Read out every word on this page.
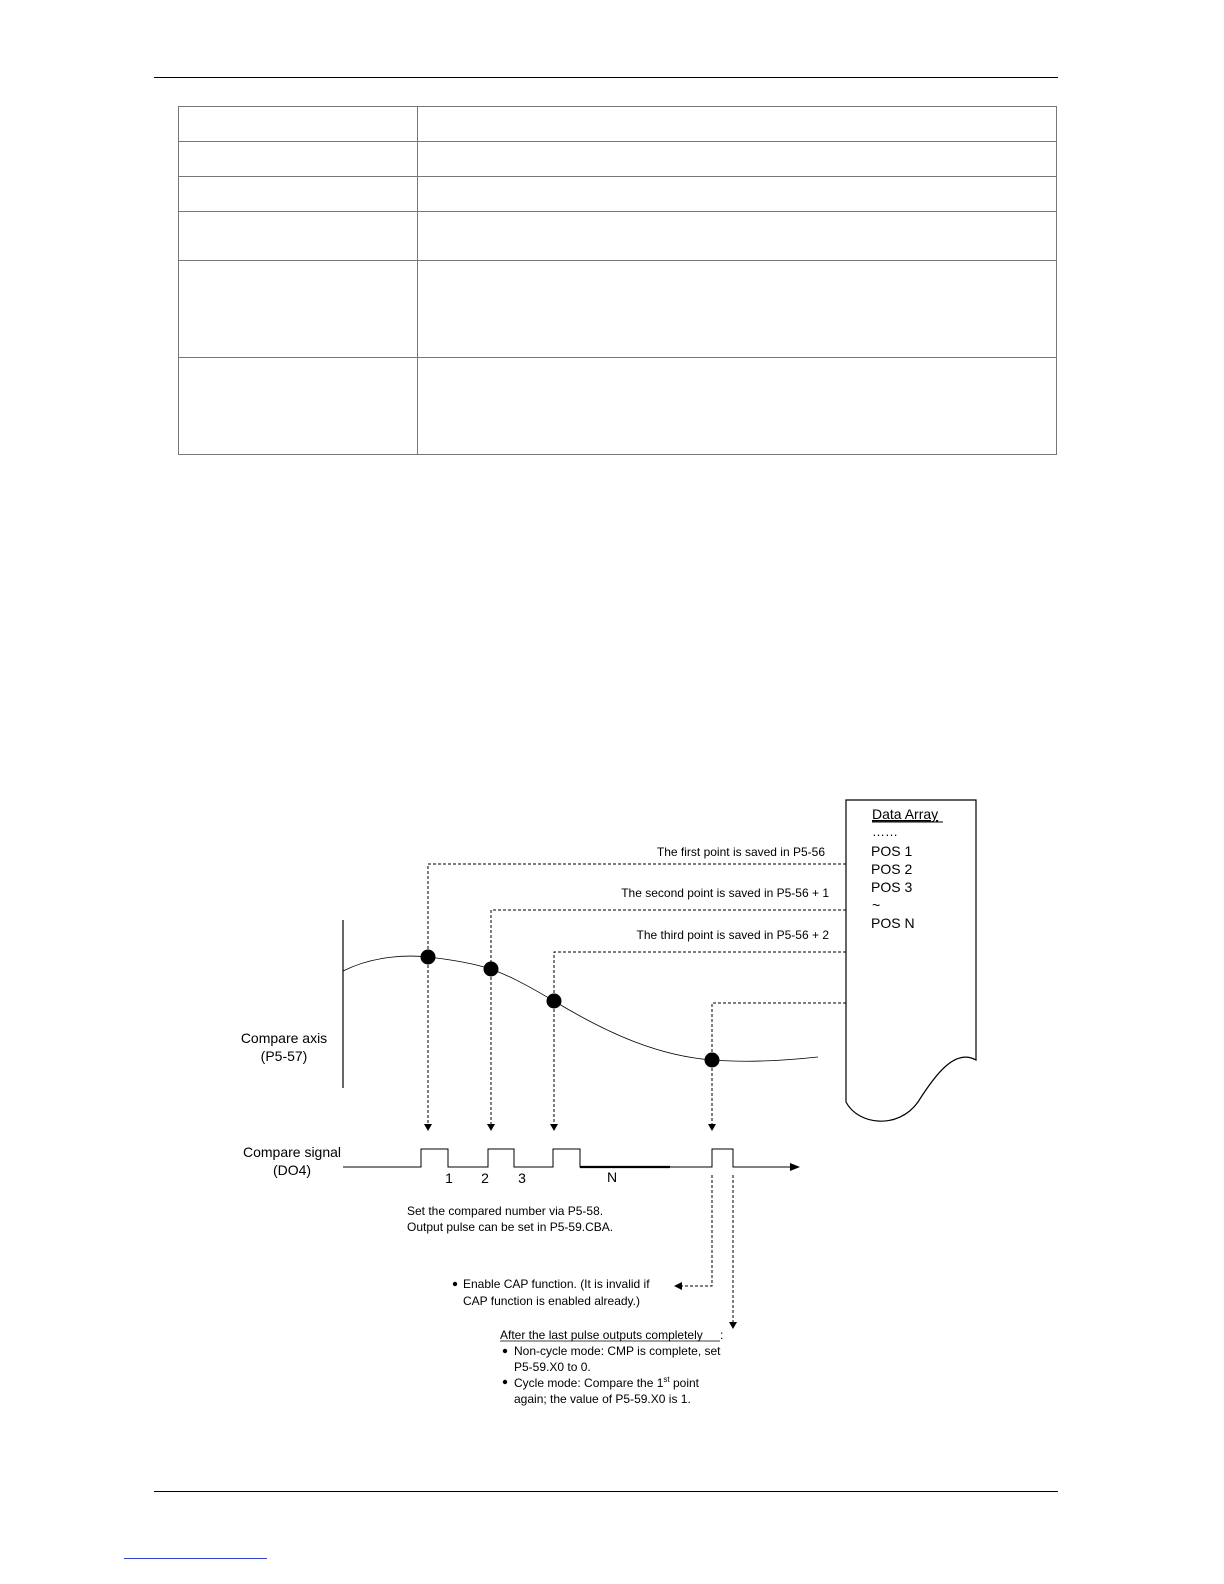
Data Array
……
POS 1
POS 2
POS 3
~
POS N
The first point is saved in P5-56
The second point is saved in P5-56 + 1
The third point is saved in P5-56 + 2
Compare axis
(P5-57)
Compare signal
(DO4)	1 2 3	N
Set the compared number via P5-58.
Output pulse can be set in P5-59.CBA.
Enable CAP function. (It is invalid if
CAP function is enabled already.)
After the last pulse outputs completely :
Non-cycle mode: CMP is complete, set
P5-59.X0 to 0.
Cycle mode: Compare the 1st point
again; the value of P5-59.X0 is 1.
